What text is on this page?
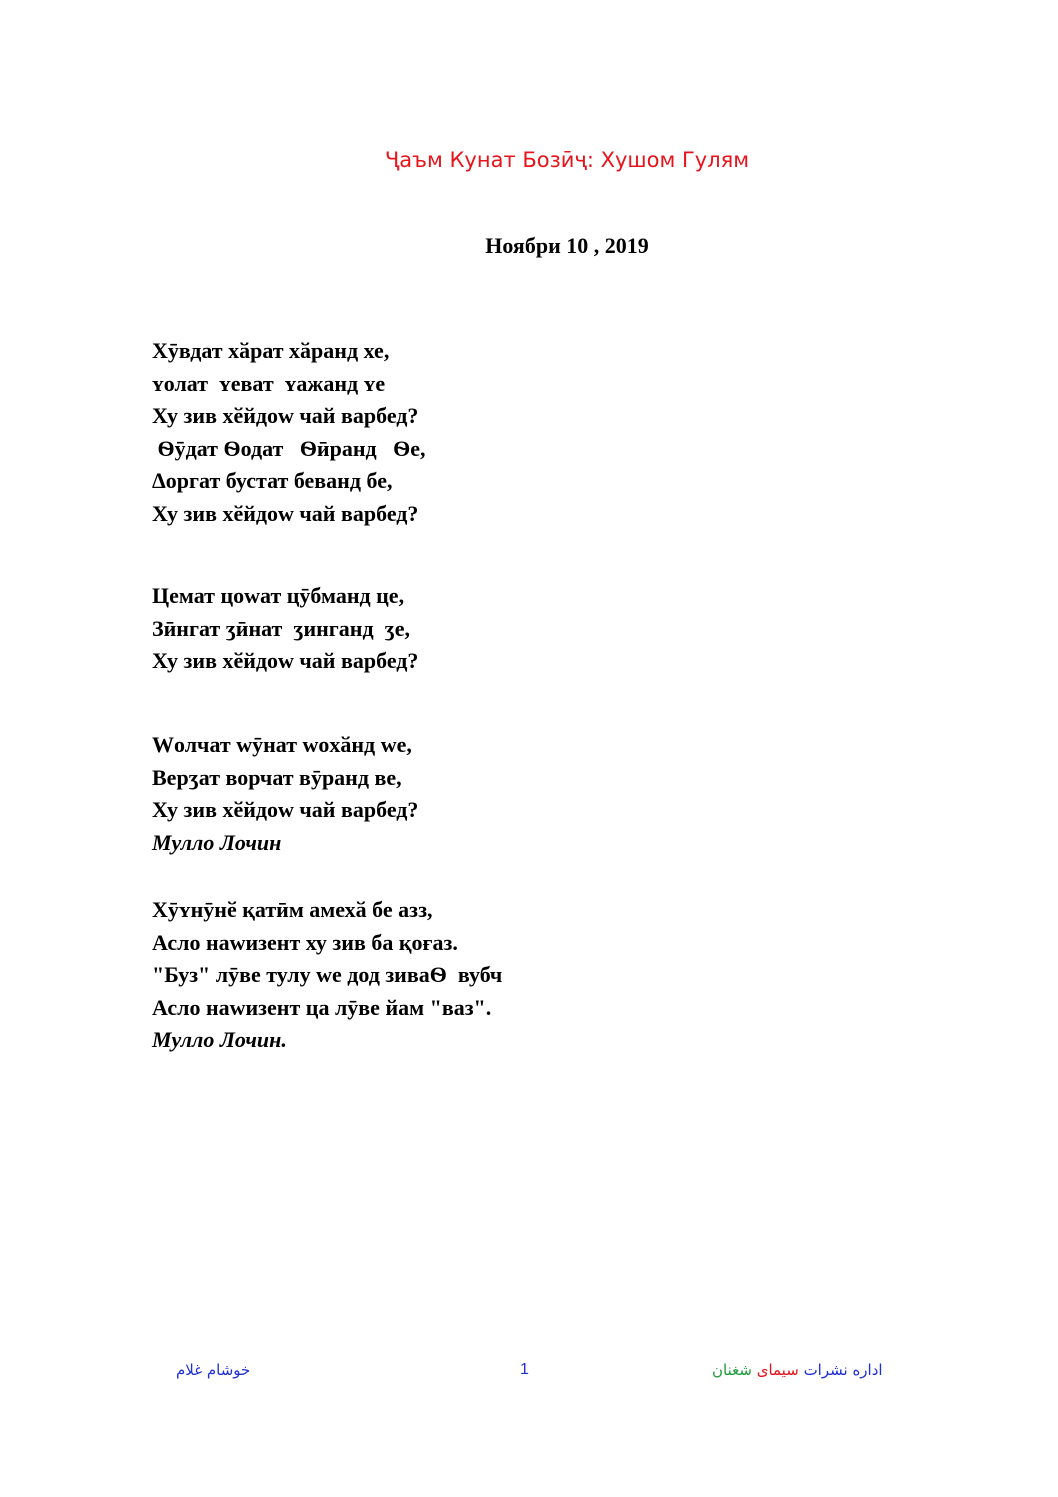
Ҷаъм Кунат Бозӣҷ: Хушом Гулям
Ноябри 10 , 2019
Хӯвдат хӑрат хӑранд хе,
ʏолат  ʏеват  ʏажанд ʏе
Ху зив хӗйдоw чай варбед?
Ѳӯдат Ѳодат   Ѳӣранд   Ѳе,
Δоргат бустат беванд бе,
Ху зив хӗйдоw чай варбед?
Цемат цоwат цӯбманд це,
Зӣнгат ʒӣнат  ʒинганд  ʒе,
Ху зив хӗйдоw чай варбед?
Wолчат wӯнат woхӑнд we,
Верʒат ворчат вӯранд ве,
Ху зив хӗйдоw чай варбед?
Мулло Лочин
Хӯʏнӯнӗ қатӣм амехӑ бе азз,
Асло наwизент ху зив ба қоғаз.
"Буз" лӯве тулу we дод зиваѲ  вубч
Асло наwизент ца лӯве йам "ваз".
Мулло Лочин.
خوشام غلام	1	اداره نشرات سیمای شغنان
